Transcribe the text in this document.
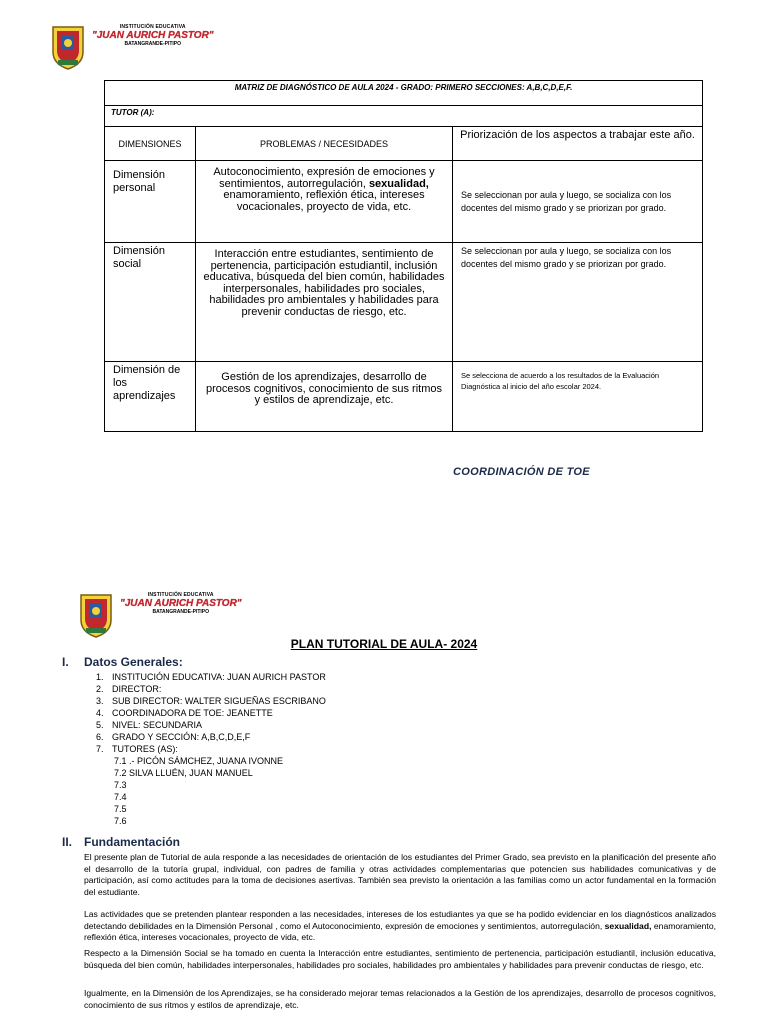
INSTITUCIÓN EDUCATIVA
"JUAN AURICH PASTOR"
BATANGRANDE-PITIPO
MATRIZ DE DIAGNÓSTICO DE AULA 2024 - GRADO: PRIMERO SECCIONES: A,B,C,D,E,F.		
TUTOR (A):		
DIMENSIONES	PROBLEMAS / NECESIDADES	Priorización de los aspectos a trabajar este año.
Dimensión personal	Autoconocimiento, expresión de emociones y sentimientos, autorregulación, sexualidad, enamoramiento, reflexión ética, intereses vocacionales, proyecto de vida, etc.	Se seleccionan por aula y luego, se socializa con los docentes del mismo grado y se priorizan por grado.
Dimensión social	Interacción entre estudiantes, sentimiento de pertenencia, participación estudiantil, inclusión educativa, búsqueda del bien común, habilidades interpersonales, habilidades pro sociales, habilidades pro ambientales y habilidades para prevenir conductas de riesgo, etc.	Se seleccionan por aula y luego, se socializa con los docentes del mismo grado y se priorizan por grado.
Dimensión de los aprendizajes	Gestión de los aprendizajes, desarrollo de procesos cognitivos, conocimiento de sus ritmos y estilos de aprendizaje, etc.	Se selecciona de acuerdo a los resultados de la Evaluación Diagnóstica al inicio del año escolar 2024.
COORDINACIÓN DE TOE
INSTITUCIÓN EDUCATIVA
"JUAN AURICH PASTOR"
BATANGRANDE-PITIPO
PLAN TUTORIAL DE AULA- 2024
I. Datos Generales:
1. INSTITUCIÓN EDUCATIVA: JUAN AURICH PASTOR
2. DIRECTOR:
3. SUB DIRECTOR: WALTER SIGUEÑAS ESCRIBANO
4. COORDINADORA DE TOE: JEANETTE
5. NIVEL: SECUNDARIA
6. GRADO Y SECCIÓN: A,B,C,D,E,F
7. TUTORES (AS):
7.1 .- PICÓN SÁMCHEZ, JUANA IVONNE
7.2 SILVA LLUÉN, JUAN MANUEL
7.3
7.4
7.5
7.6
II. Fundamentación

El presente plan de Tutorial de aula responde a las necesidades de orientación de los estudiantes del Primer Grado, sea previsto en la planificación del presente año el desarrollo de la tutoría grupal, individual, con padres de familia y otras actividades complementarias que potencien sus habilidades comunicativas y de participación, así como actitudes para la toma de decisiones asertivas. También sea previsto la orientación a las familias como un actor fundamental en la formación del estudiante.

Las actividades que se pretenden plantear responden a las necesidades, intereses de los estudiantes ya que se ha podido evidenciar en los diagnósticos analizados detectando debilidades en la Dimensión Personal , como el Autoconocimiento, expresión de emociones y sentimientos, autorregulación, sexualidad, enamoramiento, reflexión ética, intereses vocacionales, proyecto de vida, etc.

Respecto a la Dimensión Social se ha tomado en cuenta la Interacción entre estudiantes, sentimiento de pertenencia, participación estudiantil, inclusión educativa, búsqueda del bien común, habilidades interpersonales, habilidades pro sociales, habilidades pro ambientales y habilidades para prevenir conductas de riesgo, etc.

Igualmente, en la Dimensión de los Aprendizajes, se ha considerado mejorar temas relacionados a la Gestión de los aprendizajes, desarrollo de procesos cognitivos, conocimiento de sus ritmos y estilos de aprendizaje, etc.
